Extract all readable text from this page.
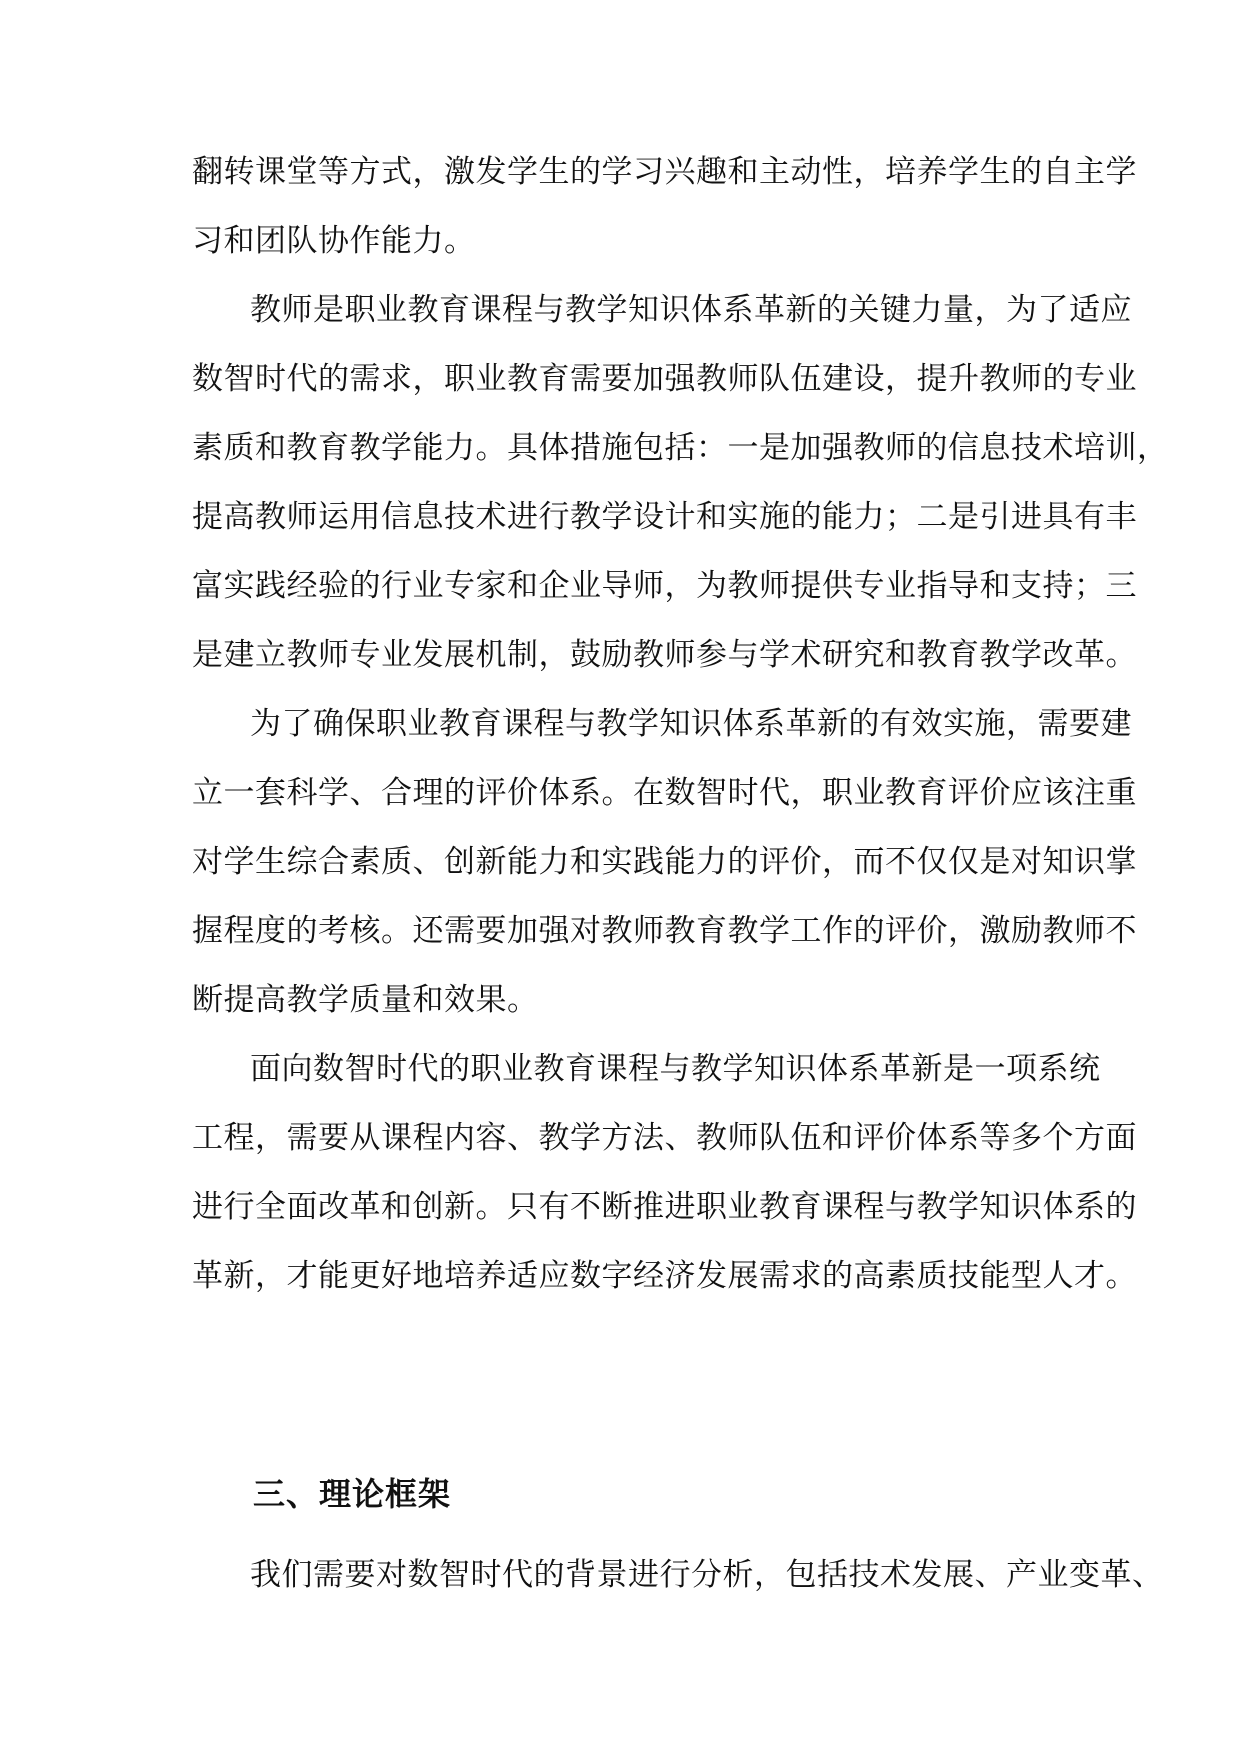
翻转课堂等方式，激发学生的学习兴趣和主动性，培养学生的自主学
习和团队协作能力。
教师是职业教育课程与教学知识体系革新的关键力量，为了适应
数智时代的需求，职业教育需要加强教师队伍建设，提升教师的专业
素质和教育教学能力。具体措施包括：一是加强教师的信息技术培训，
提高教师运用信息技术进行教学设计和实施的能力；二是引进具有丰
富实践经验的行业专家和企业导师，为教师提供专业指导和支持；三
是建立教师专业发展机制，鼓励教师参与学术研究和教育教学改革。
为了确保职业教育课程与教学知识体系革新的有效实施，需要建
立一套科学、合理的评价体系。在数智时代，职业教育评价应该注重
对学生综合素质、创新能力和实践能力的评价，而不仅仅是对知识掌
握程度的考核。还需要加强对教师教育教学工作的评价，激励教师不
断提高教学质量和效果。
面向数智时代的职业教育课程与教学知识体系革新是一项系统
工程，需要从课程内容、教学方法、教师队伍和评价体系等多个方面
进行全面改革和创新。只有不断推进职业教育课程与教学知识体系的
革新，才能更好地培养适应数字经济发展需求的高素质技能型人才。
三、理论框架
我们需要对数智时代的背景进行分析，包括技术发展、产业变革、
